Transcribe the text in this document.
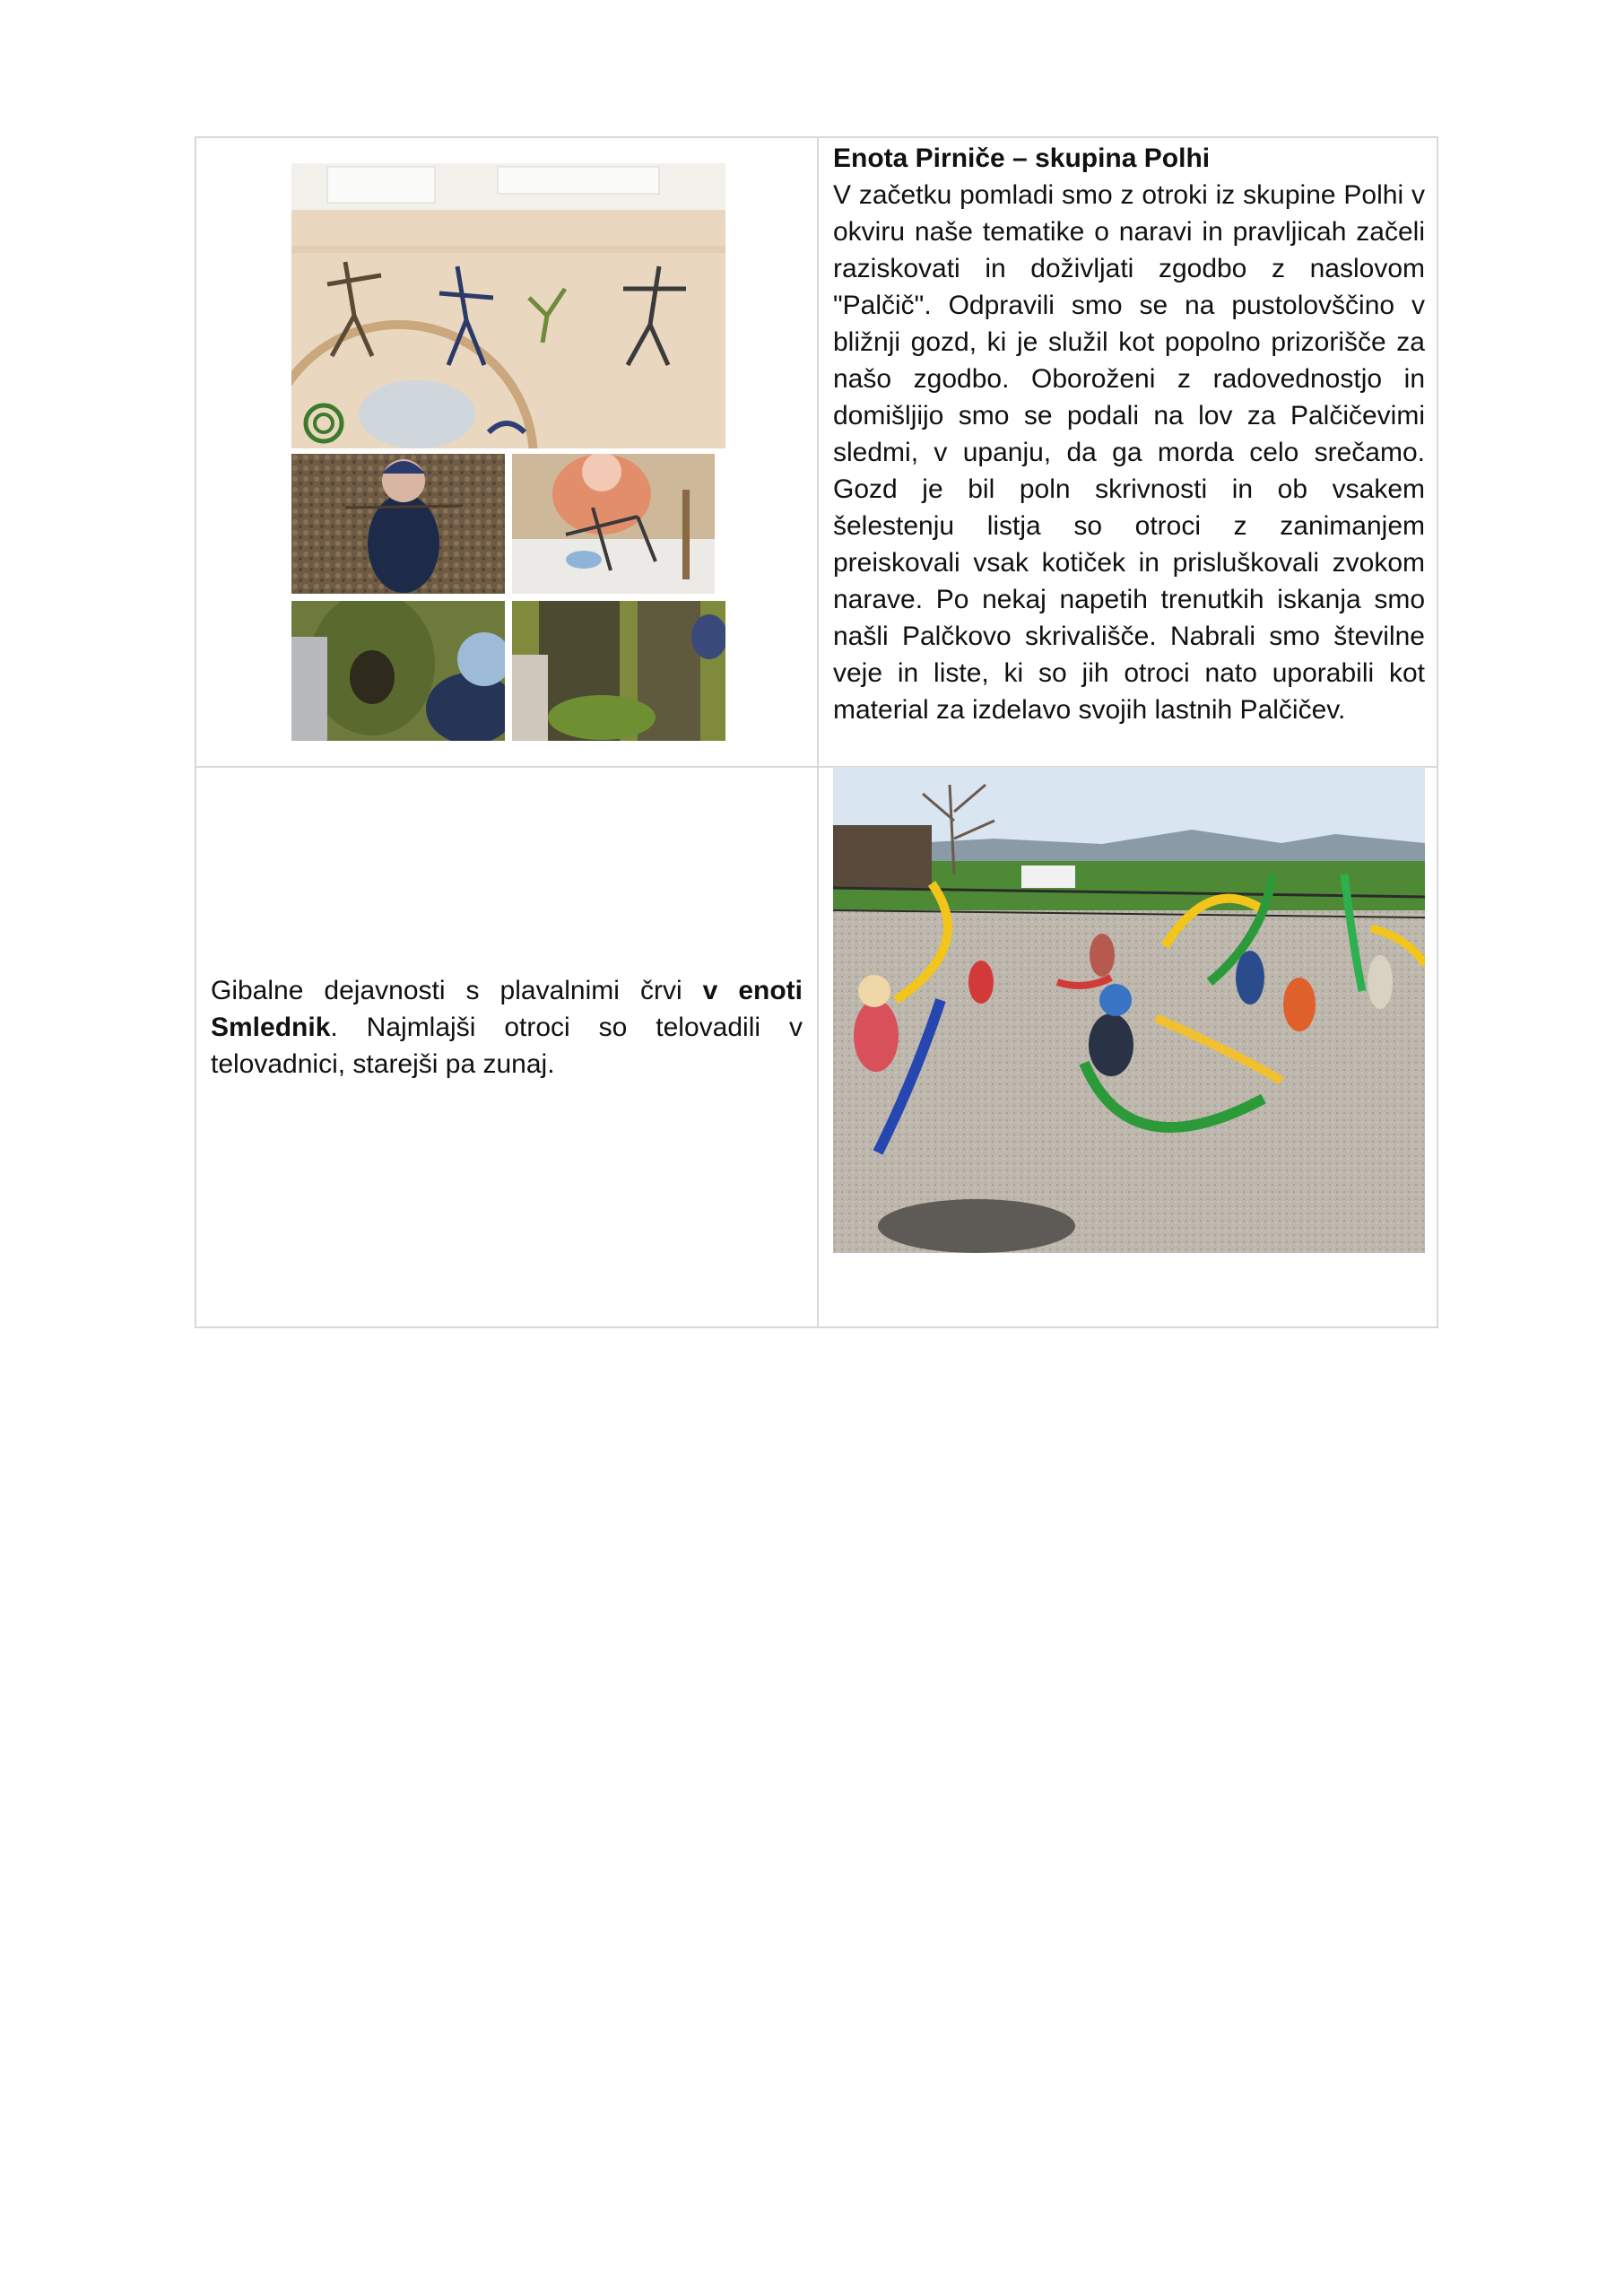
Enota Pirniče – skupina Polhi
V začetku pomladi smo z otroki iz skupine Polhi v okviru naše tematike o naravi in pravljicah začeli raziskovati in doživljati zgodbo z naslovom "Palčič". Odpravili smo se na pustolovščino v bližnji gozd, ki je služil kot popolno prizorišče za našo zgodbo. Oboroženi z radovednostjo in domišljijo smo se podali na lov za Palčičevimi sledmi, v upanju, da ga morda celo srečamo. Gozd je bil poln skrivnosti in ob vsakem šelestenju listja so otroci z zanimanjem preiskovali vsak kotiček in prisluškovali zvokom narave. Po nekaj napetih trenutkih iskanja smo našli Palčkovo skrivališče. Nabrali smo številne veje in liste, ki so jih otroci nato uporabili kot material za izdelavo svojih lastnih Palčičev.
Gibalne dejavnosti s plavalnimi črvi v enoti Smlednik. Najmlajši otroci so telovadili v telovadnici, starejši pa zunaj.
